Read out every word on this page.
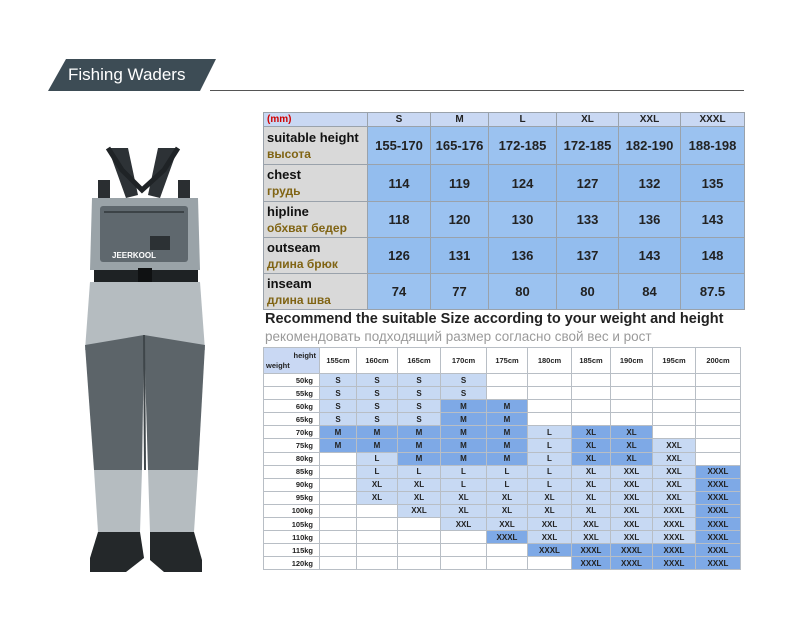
Fishing Waders
JEERKOOL
(mm)	S	M	L	XL	XXL	XXXL

suitable height
высота	155-170	165-176	172-185	172-185	182-190	188-198

chest
грудь	114	119	124	127	132	135

hipline
обхват бедер	118	120	130	133	136	143

outseam
длина брюк	126	131	136	137	143	148

inseam
длина шва	74	77	80	80	84	87.5
Recommend the suitable Size according to your weight and height
рекомендовать подходящий размер согласно свой вес и рост
height
weight	155cm	160cm	165cm	170cm	175cm	180cm	185cm	190cm	195cm	200cm
50kg	S	S	S	S						
55kg	S	S	S	S						
60kg	S	S	S	M	M					
65kg	S	S	S	M	M					
70kg	M	M	M	M	M	L	XL	XL		
75kg	M	M	M	M	M	L	XL	XL	XXL	
80kg		L	M	M	M	L	XL	XL	XXL	
85kg		L	L	L	L	L	XL	XXL	XXL	XXXL
90kg		XL	XL	L	L	L	XL	XXL	XXL	XXXL
95kg		XL	XL	XL	XL	XL	XL	XXL	XXL	XXXL
100kg			XXL	XL	XL	XL	XL	XXL	XXXL	XXXL
105kg				XXL	XXL	XXL	XXL	XXL	XXXL	XXXL
110kg					XXXL	XXL	XXL	XXL	XXXL	XXXL
115kg						XXXL	XXXL	XXXL	XXXL	XXXL
120kg							XXXL	XXXL	XXXL	XXXL
